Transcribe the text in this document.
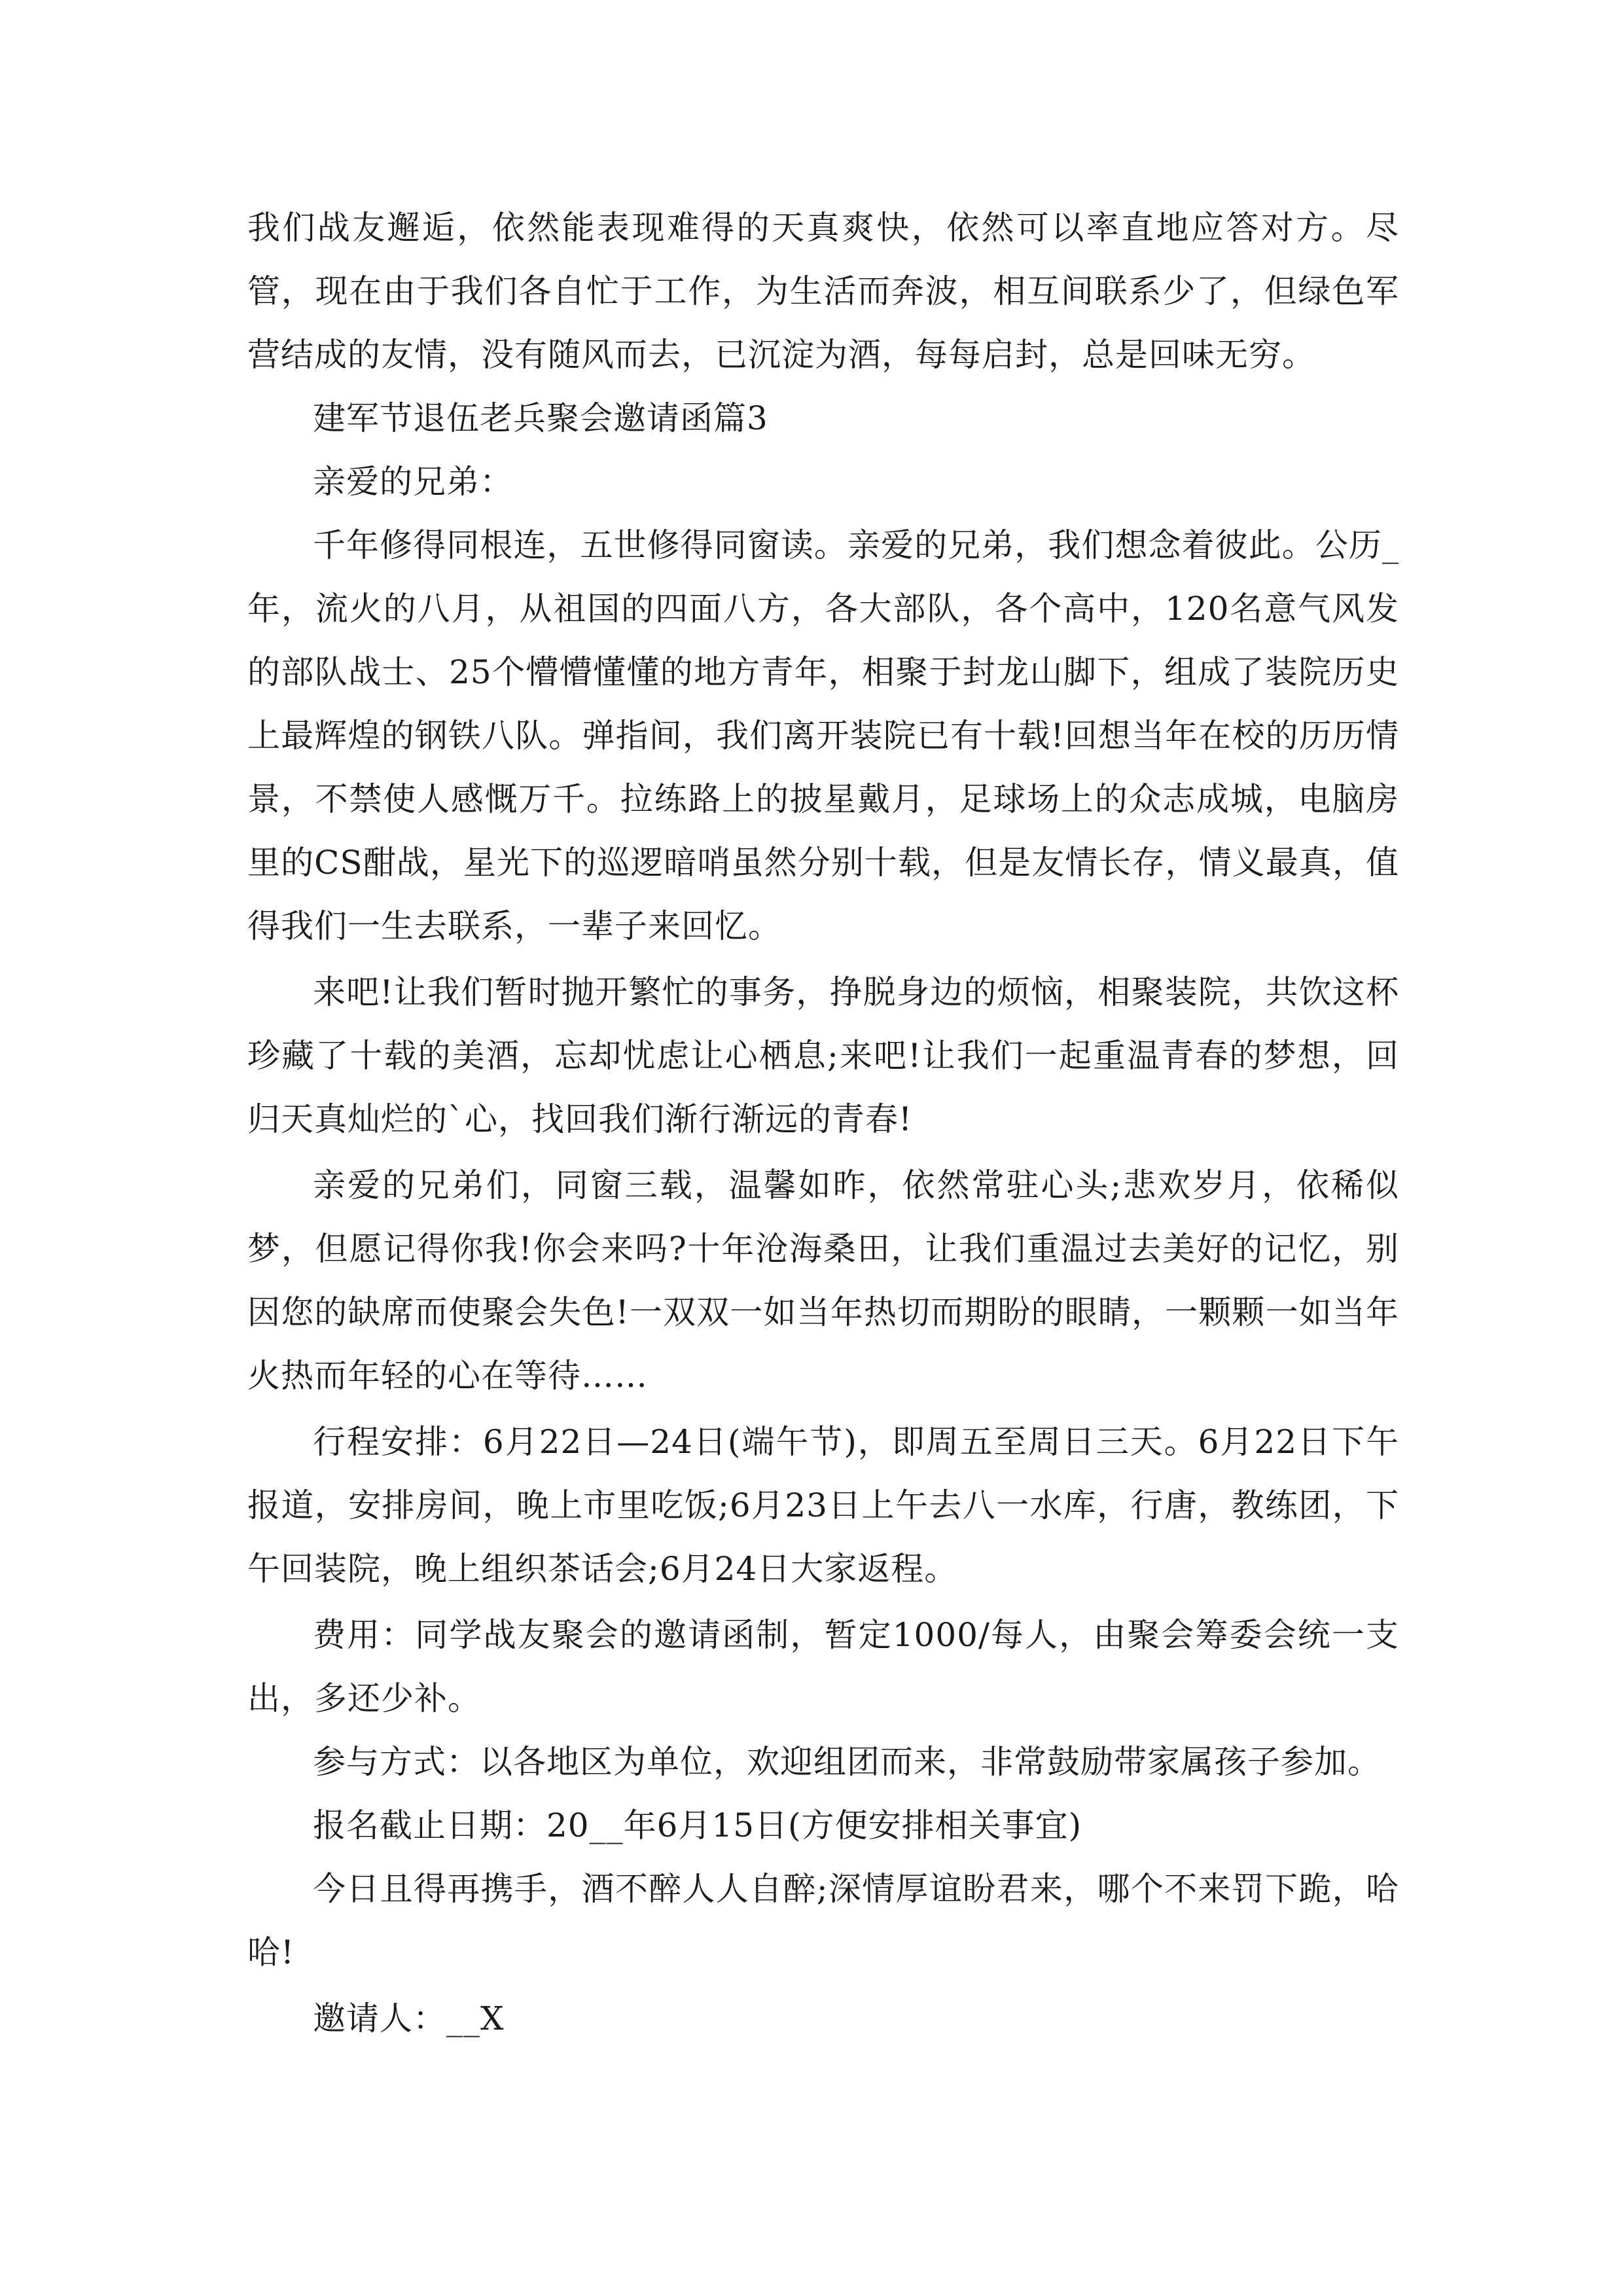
我们战友邂逅，依然能表现难得的天真爽快，依然可以率直地应答对方。尽管，现在由于我们各自忙于工作，为生活而奔波，相互间联系少了，但绿色军营结成的友情，没有随风而去，已沉淀为酒，每每启封，总是回味无穷。

建军节退伍老兵聚会邀请函篇3

亲爱的兄弟：

千年修得同根连，五世修得同窗读。亲爱的兄弟，我们想念着彼此。公历_年，流火的八月，从祖国的四面八方，各大部队，各个高中，120名意气风发的部队战士、25个懵懵懂懂的地方青年，相聚于封龙山脚下，组成了装院历史上最辉煌的钢铁八队。弹指间，我们离开装院已有十载!回想当年在校的历历情景，不禁使人感慨万千。拉练路上的披星戴月，足球场上的众志成城，电脑房里的CS酣战，星光下的巡逻暗哨虽然分别十载，但是友情长存，情义最真，值得我们一生去联系，一辈子来回忆。

来吧!让我们暂时抛开繁忙的事务，挣脱身边的烦恼，相聚装院，共饮这杯珍藏了十载的美酒，忘却忧虑让心栖息;来吧!让我们一起重温青春的梦想，回归天真灿烂的`心，找回我们渐行渐远的青春!

亲爱的兄弟们，同窗三载，温馨如昨，依然常驻心头;悲欢岁月，依稀似梦，但愿记得你我!你会来吗?十年沧海桑田，让我们重温过去美好的记忆，别因您的缺席而使聚会失色!一双双一如当年热切而期盼的眼睛，一颗颗一如当年火热而年轻的心在等待……

行程安排：6月22日—24日(端午节)，即周五至周日三天。6月22日下午报道，安排房间，晚上市里吃饭;6月23日上午去八一水库，行唐，教练团，下午回装院，晚上组织茶话会;6月24日大家返程。

费用：同学战友聚会的邀请函制，暂定1000/每人，由聚会筹委会统一支出，多还少补。

参与方式：以各地区为单位，欢迎组团而来，非常鼓励带家属孩子参加。

报名截止日期：20__年6月15日(方便安排相关事宜)

今日且得再携手，酒不醉人人自醉;深情厚谊盼君来，哪个不来罚下跪，哈哈!

邀请人：__X
